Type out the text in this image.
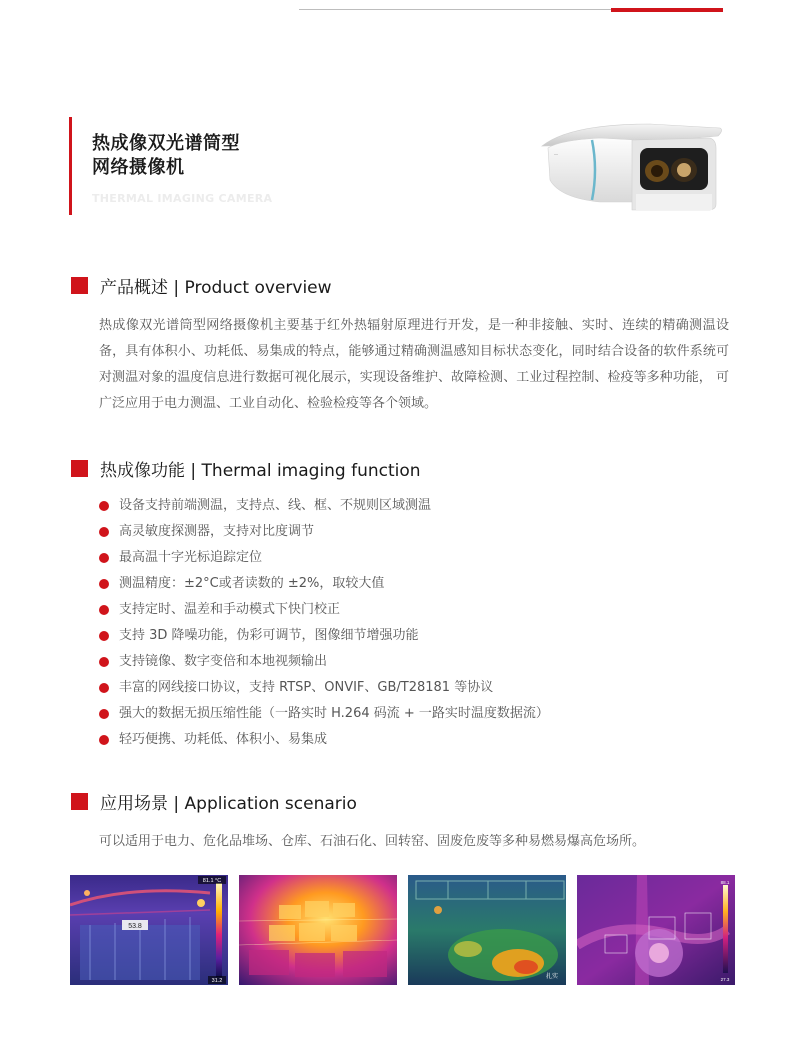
热成像双光谱筒型
网络摄像机
THERMAL IMAGING CAMERA
—
产品概述 | Product overview
热成像双光谱筒型网络摄像机主要基于红外热辐射原理进行开发，是一种非接触、实时、连续的精确测温设备，具有体积小、功耗低、易集成的特点，能够通过精确测温感知目标状态变化，同时结合设备的软件系统可对测温对象的温度信息进行数据可视化展示，实现设备维护、故障检测、工业过程控制、检疫等多种功能， 可广泛应用于电力测温、工业自动化、检验检疫等各个领域。
热成像功能 | Thermal imaging function
设备支持前端测温，支持点、线、框、不规则区域测温
高灵敏度探测器，支持对比度调节
最高温十字光标追踪定位
测温精度：±2°C或者读数的 ±2%，取较大值
支持定时、温差和手动模式下快门校正
支持 3D 降噪功能，伪彩可调节，图像细节增强功能
支持镜像、数字变倍和本地视频输出
丰富的网线接口协议，支持 RTSP、ONVIF、GB/T28181 等协议
强大的数据无损压缩性能（一路实时 H.264 码流 + 一路实时温度数据流）
轻巧便携、功耗低、体积小、易集成
应用场景 | Application scenario
可以适用于电力、危化品堆场、仓库、石油石化、回转窑、固废危废等多种易燃易爆高危场所。
53.8
81.1 °C
31.2
扎实
88.1
27.3
